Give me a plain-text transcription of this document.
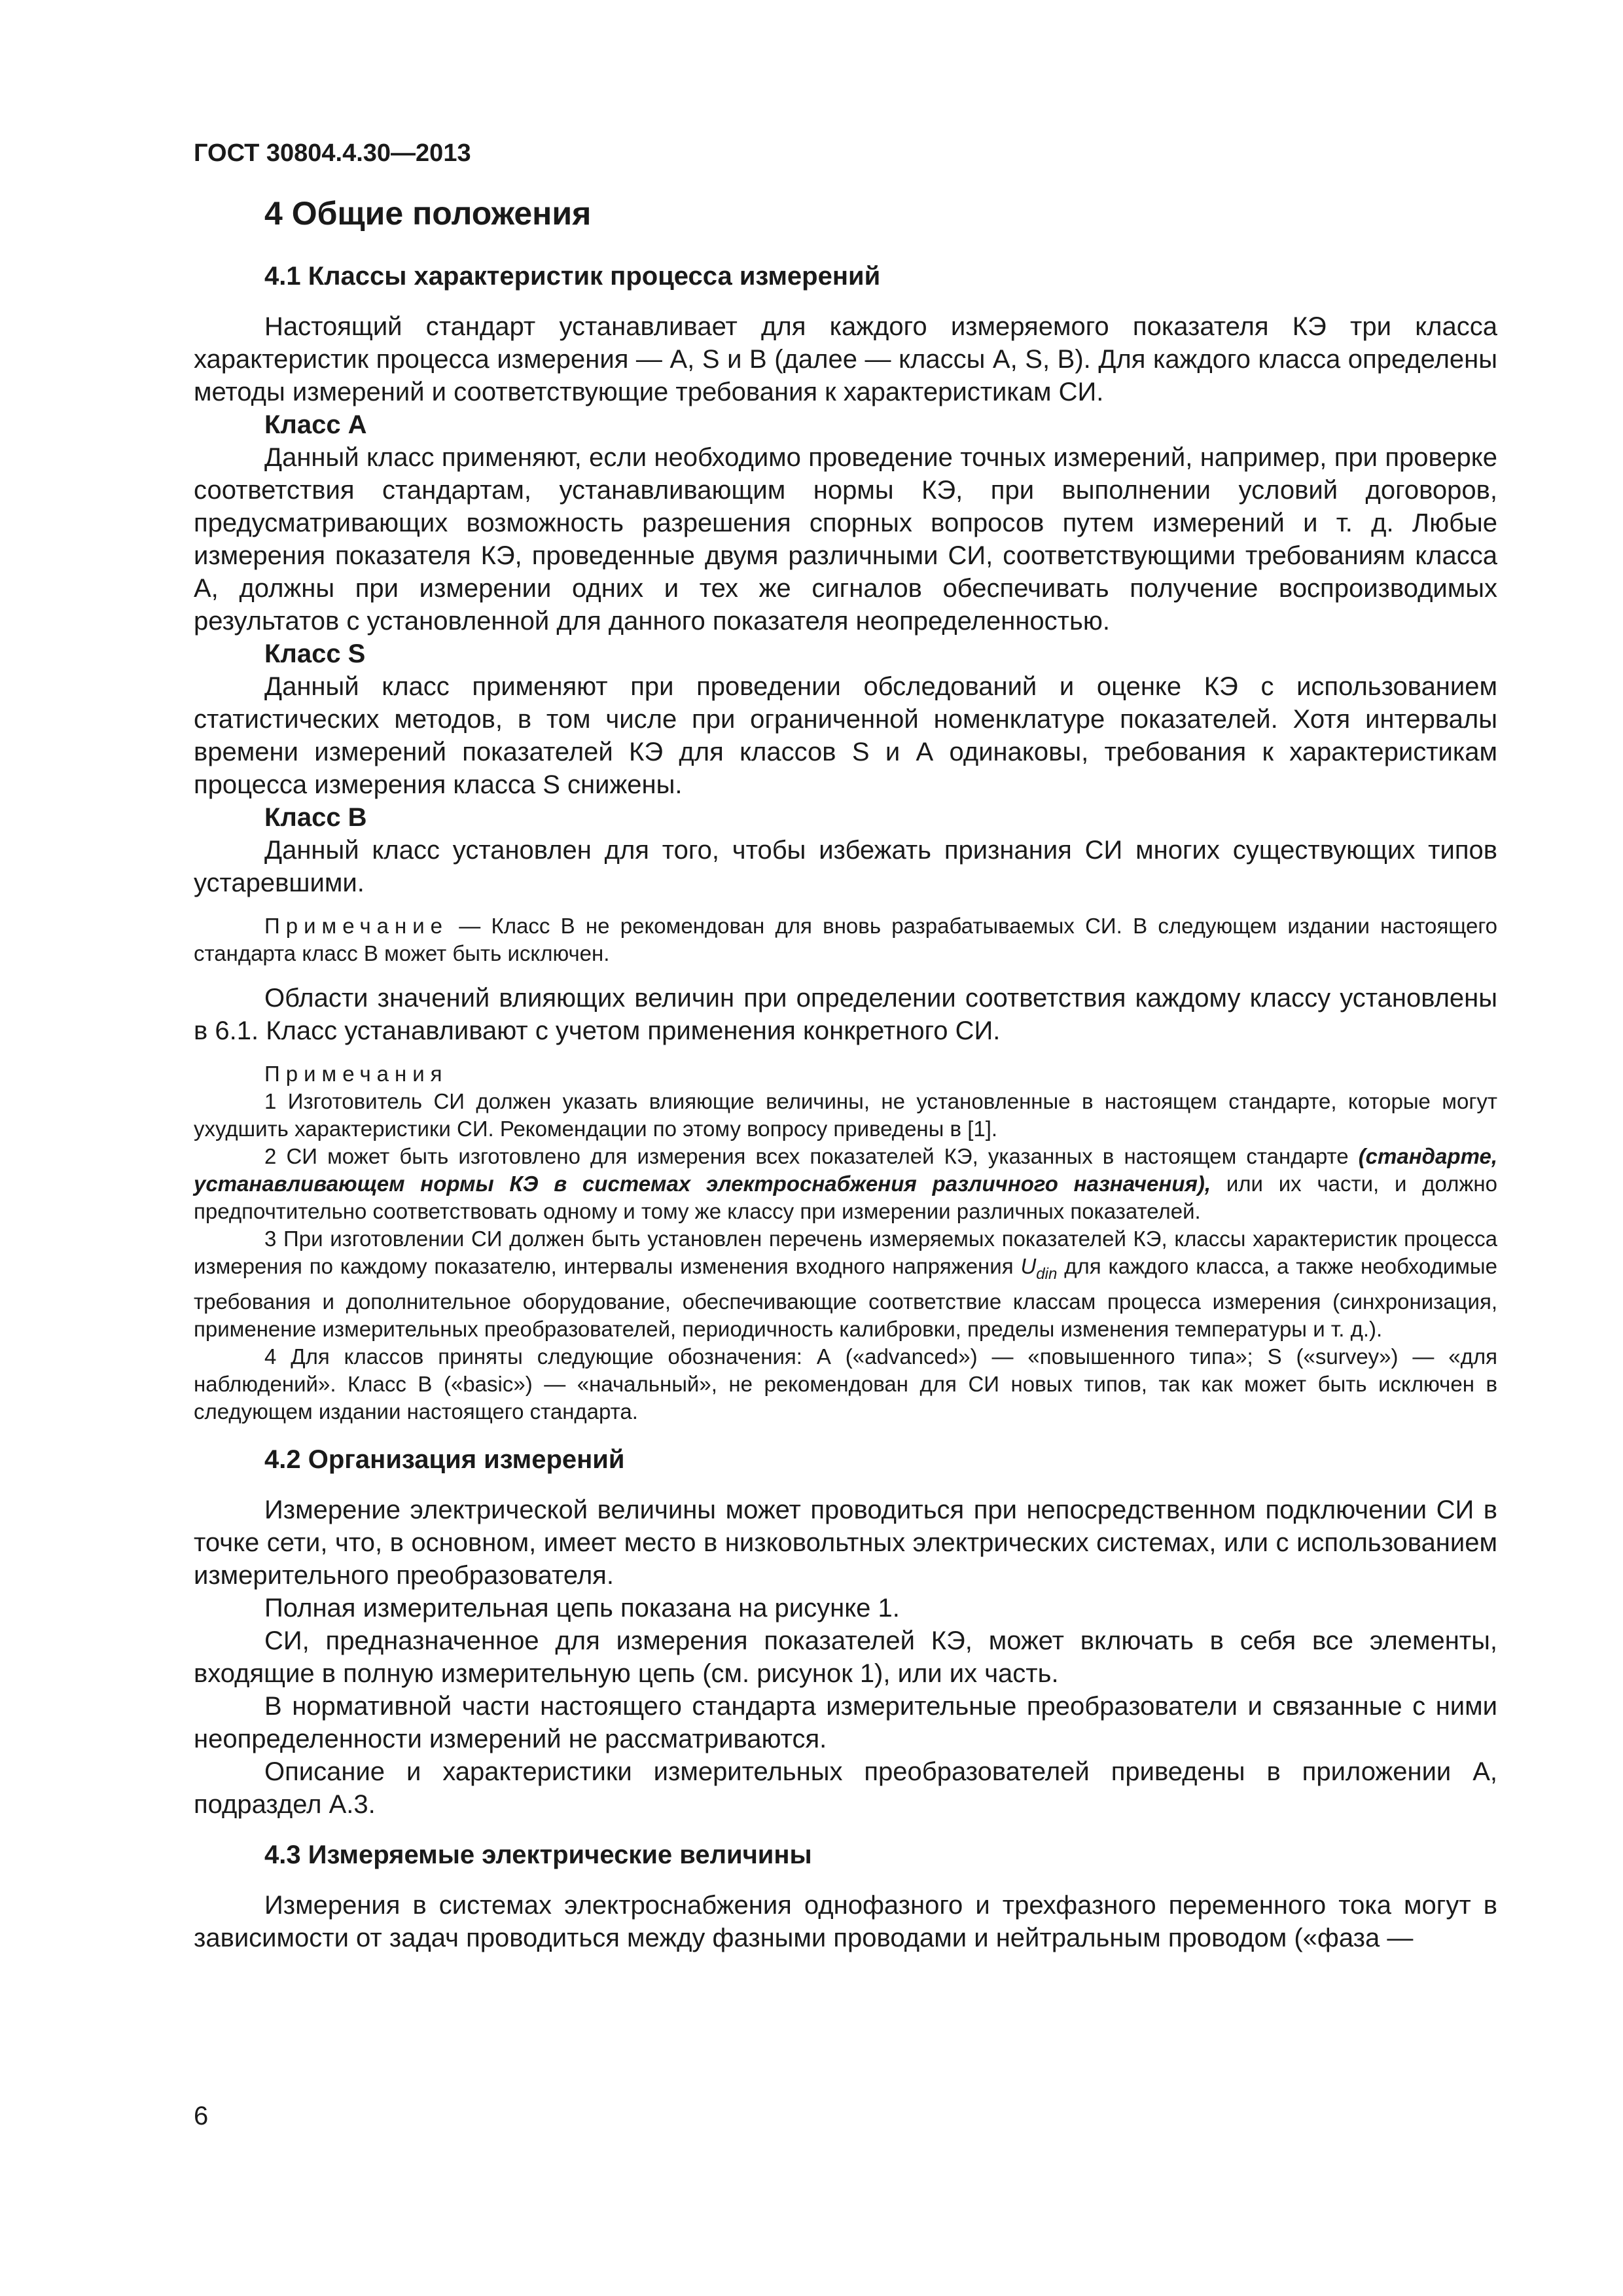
ГОСТ 30804.4.30—2013
4 Общие положения
4.1 Классы характеристик процесса измерений

Настоящий стандарт устанавливает для каждого измеряемого показателя КЭ три класса характеристик процесса измерения — А, S и В (далее — классы А, S, В). Для каждого класса определены методы измерений и соответствующие требования к характеристикам СИ.

Класс А

Данный класс применяют, если необходимо проведение точных измерений, например, при проверке соответствия стандартам, устанавливающим нормы КЭ, при выполнении условий договоров, предусматривающих возможность разрешения спорных вопросов путем измерений и т. д. Любые измерения показателя КЭ, проведенные двумя различными СИ, соответствующими требованиям класса А, должны при измерении одних и тех же сигналов обеспечивать получение воспроизводимых результатов с установленной для данного показателя неопределенностью.

Класс S

Данный класс применяют при проведении обследований и оценке КЭ с использованием статистических методов, в том числе при ограниченной номенклатуре показателей. Хотя интервалы времени измерений показателей КЭ для классов S и А одинаковы, требования к характеристикам процесса измерения класса S снижены.

Класс В

Данный класс установлен для того, чтобы избежать признания СИ многих существующих типов устаревшими.

Примечание — Класс В не рекомендован для вновь разрабатываемых СИ. В следующем издании настоящего стандарта класс В может быть исключен.

Области значений влияющих величин при определении соответствия каждому классу установлены в 6.1. Класс устанавливают с учетом применения конкретного СИ.

Примечания

1 Изготовитель СИ должен указать влияющие величины, не установленные в настоящем стандарте, которые могут ухудшить характеристики СИ. Рекомендации по этому вопросу приведены в [1].

2 СИ может быть изготовлено для измерения всех показателей КЭ, указанных в настоящем стандарте (стандарте, устанавливающем нормы КЭ в системах электроснабжения различного назначения), или их части, и должно предпочтительно соответствовать одному и тому же классу при измерении различных показателей.

3 При изготовлении СИ должен быть установлен перечень измеряемых показателей КЭ, классы характеристик процесса измерения по каждому показателю, интервалы изменения входного напряжения $U_{din}$ для каждого класса, а также необходимые требования и дополнительное оборудование, обеспечивающие соответствие классам процесса измерения (синхронизация, применение измерительных преобразователей, периодичность калибровки, пределы изменения температуры и т. д.).

4 Для классов приняты следующие обозначения: А («advanced») — «повышенного типа»; S («survey») — «для наблюдений». Класс В («basic») — «начальный», не рекомендован для СИ новых типов, так как может быть исключен в следующем издании настоящего стандарта.

4.2 Организация измерений

Измерение электрической величины может проводиться при непосредственном подключении СИ в точке сети, что, в основном, имеет место в низковольтных электрических системах, или с использованием измерительного преобразователя.

Полная измерительная цепь показана на рисунке 1.

СИ, предназначенное для измерения показателей КЭ, может включать в себя все элементы, входящие в полную измерительную цепь (см. рисунок 1), или их часть.

В нормативной части настоящего стандарта измерительные преобразователи и связанные с ними неопределенности измерений не рассматриваются.

Описание и характеристики измерительных преобразователей приведены в приложении А, подраздел А.3.

4.3 Измеряемые электрические величины

Измерения в системах электроснабжения однофазного и трехфазного переменного тока могут в зависимости от задач проводиться между фазными проводами и нейтральным проводом («фаза —

6
